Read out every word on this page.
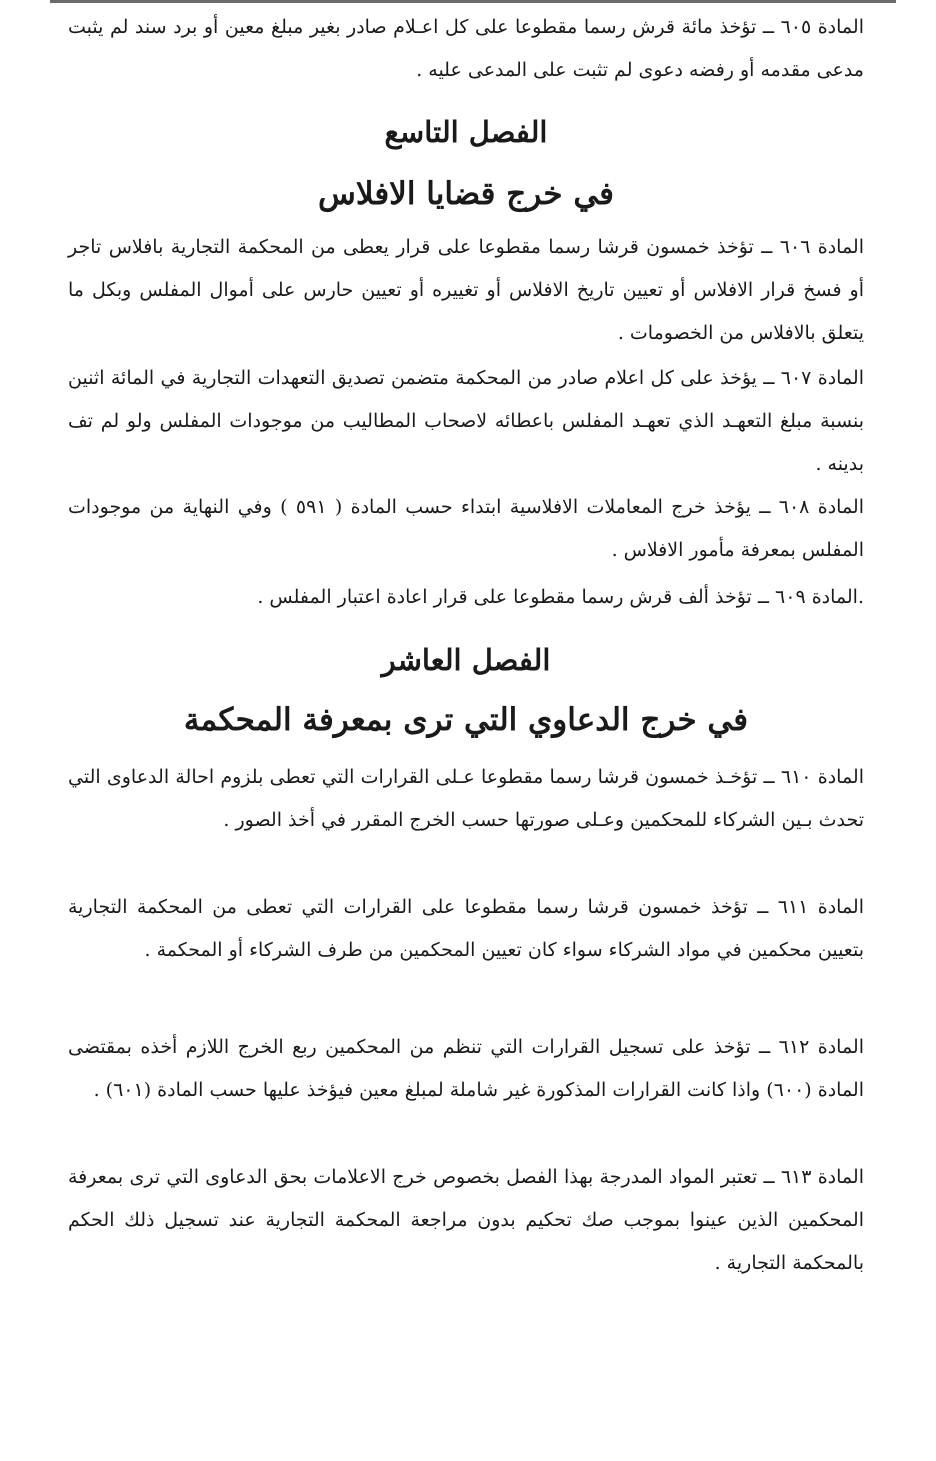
المادة ٦٠٥ ــ تؤخذ مائة قرش رسما مقطوعا على كل اعـلام صادر بغير مبلغ معين أو برد سند لم يثبت مدعى مقدمه أو رفضه دعوى لم تثبت على المدعى عليه .

الفصل التاسع
في خرج قضايا الافلاس

المادة ٦٠٦ ــ تؤخذ خمسون قرشا رسما مقطوعا على قرار يعطى من المحكمة التجارية بافلاس تاجر أو فسخ قرار الافلاس أو تعيين تاريخ الافلاس أو تغييره أو تعيين حارس على أموال المفلس وبكل ما يتعلق بالافلاس من الخصومات .

المادة ٦٠٧ ــ يؤخذ على كل اعلام صادر من المحكمة متضمن تصديق التعهدات التجارية في المائة اثنين بنسبة مبلغ التعهـد الذي تعهـد المفلس باعطائه لاصحاب المطاليب من موجودات المفلس ولو لم تف بدينه .

المادة ٦٠٨ ــ يؤخذ خرج المعاملات الافلاسية ابتداء حسب المادة ( ٥٩١ ) وفي النهاية من موجودات المفلس بمعرفة مأمور الافلاس .

.المادة ٦٠٩ ــ تؤخذ ألف قرش رسما مقطوعا على قرار اعادة اعتبار المفلس .

الفصل العاشر
في خرج الدعاوي التي ترى بمعرفة المحكمة

المادة ٦١٠ ــ تؤخـذ خمسون قرشا رسما مقطوعا عـلى القرارات التي تعطى بلزوم احالة الدعاوى التي تحدث بـين الشركاء للمحكمين وعـلى صورتها حسب الخرج المقرر في أخذ الصور .

المادة ٦١١ ــ تؤخذ خمسون قرشا رسما مقطوعا على القرارات التي تعطى من المحكمة التجارية بتعيين محكمين في مواد الشركاء سواء كان تعيين المحكمين من طرف الشركاء أو المحكمة .

المادة ٦١٢ ــ تؤخذ على تسجيل القرارات التي تنظم من المحكمين ربع الخرج اللازم أخذه بمقتضى المادة (٦٠٠) واذا كانت القرارات المذكورة غير شاملة لمبلغ معين فيؤخذ عليها حسب المادة (٦٠١) .

المادة ٦١٣ ــ تعتبر المواد المدرجة بهذا الفصل بخصوص خرج الاعلامات بحق الدعاوى التي ترى بمعرفة المحكمين الذين عينوا بموجب صك تحكيم بدون مراجعة المحكمة التجارية عند تسجيل ذلك الحكم بالمحكمة التجارية .
